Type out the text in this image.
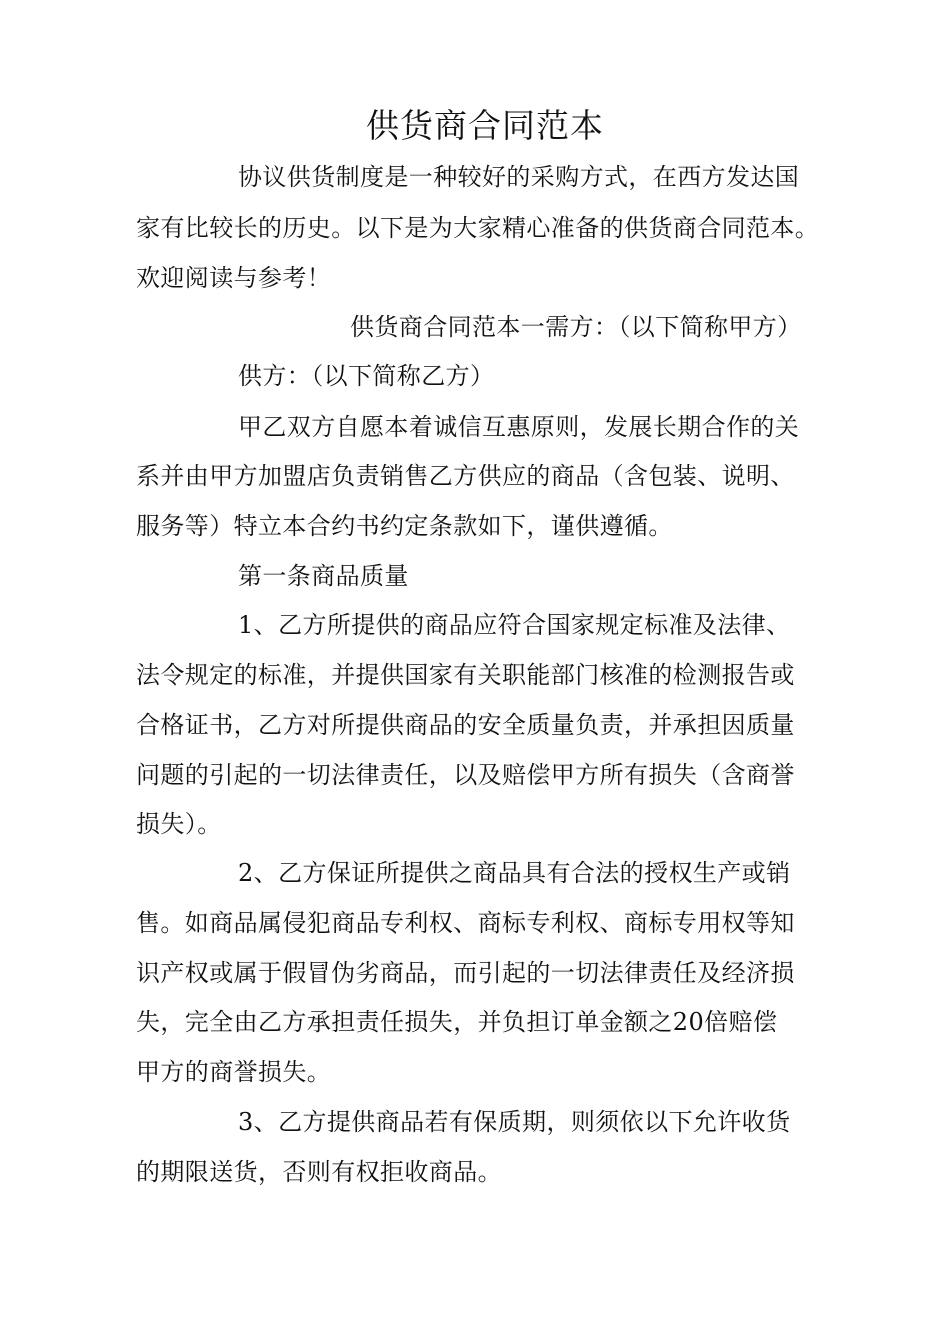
供货商合同范本
协议供货制度是一种较好的采购方式，在西方发达国
家有比较长的历史。以下是为大家精心准备的供货商合同范本。
欢迎阅读与参考！
供货商合同范本一需方：（以下简称甲方）
供方：（以下简称乙方）
甲乙双方自愿本着诚信互惠原则，发展长期合作的关
系并由甲方加盟店负责销售乙方供应的商品（含包装、说明、
服务等）特立本合约书约定条款如下，谨供遵循。
第一条商品质量
1、乙方所提供的商品应符合国家规定标准及法律、
法令规定的标准，并提供国家有关职能部门核准的检测报告或
合格证书，乙方对所提供商品的安全质量负责，并承担因质量
问题的引起的一切法律责任，以及赔偿甲方所有损失（含商誉
损失）。
2、乙方保证所提供之商品具有合法的授权生产或销
售。如商品属侵犯商品专利权、商标专利权、商标专用权等知
识产权或属于假冒伪劣商品，而引起的一切法律责任及经济损
失，完全由乙方承担责任损失，并负担订单金额之20倍赔偿
甲方的商誉损失。
3、乙方提供商品若有保质期，则须依以下允许收货
的期限送货，否则有权拒收商品。
